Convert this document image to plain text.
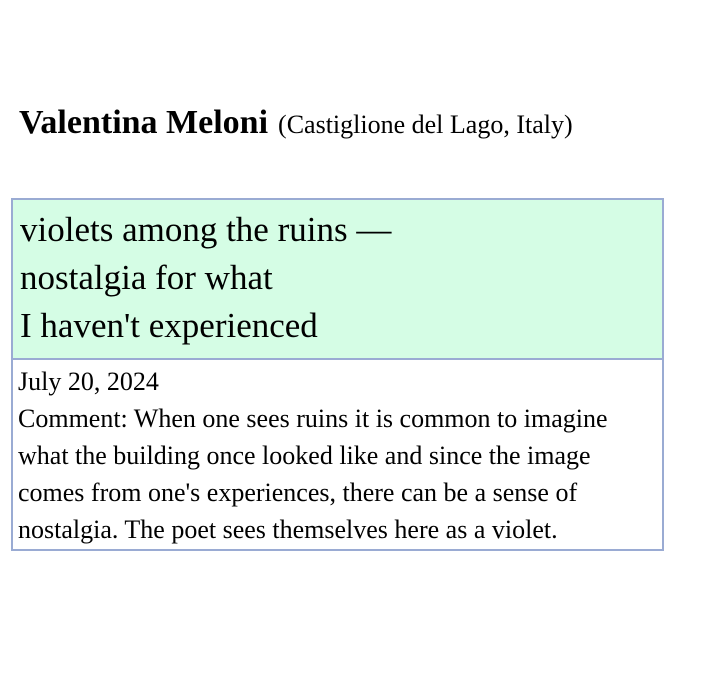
Valentina Meloni (Castiglione del Lago, Italy)
violets among the ruins —
nostalgia for what
I haven't experienced
July 20, 2024
Comment: When one sees ruins it is common to imagine what the building once looked like and since the image comes from one's experiences, there can be a sense of nostalgia. The poet sees themselves here as a violet.
